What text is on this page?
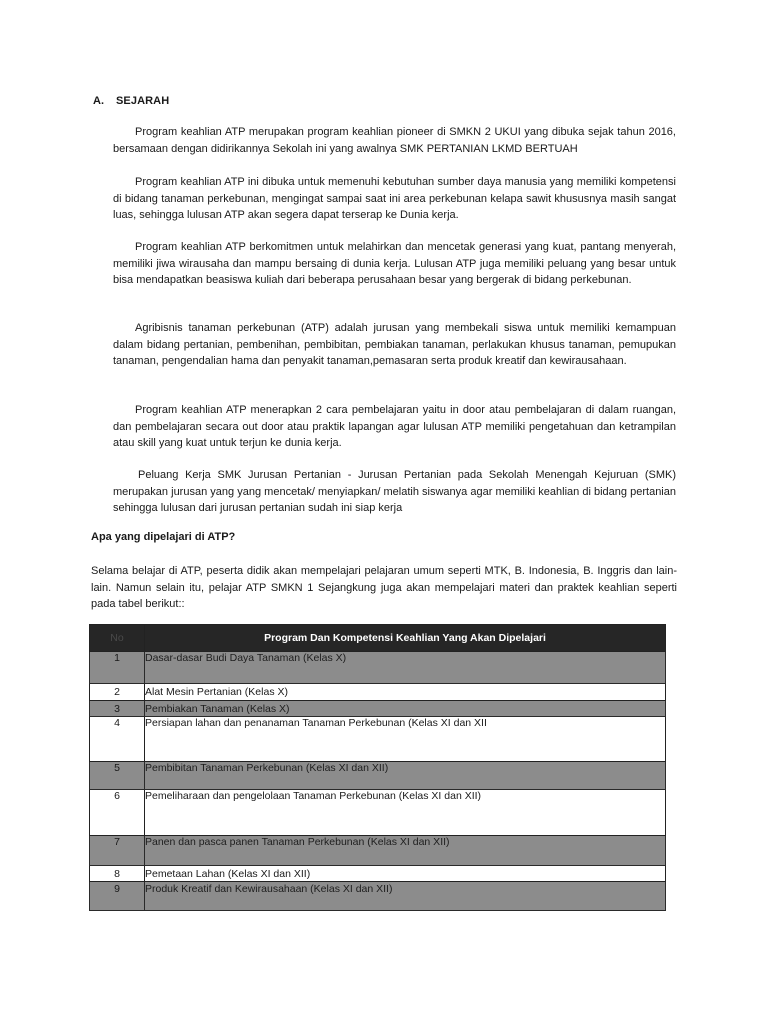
A. SEJARAH

Program keahlian ATP merupakan program keahlian pioneer di SMKN 2 UKUI yang dibuka sejak tahun 2016, bersamaan dengan didirikannya Sekolah ini yang awalnya SMK PERTANIAN LKMD BERTUAH

Program keahlian ATP ini dibuka untuk memenuhi kebutuhan sumber daya manusia yang memiliki kompetensi di bidang tanaman perkebunan, mengingat sampai saat ini area perkebunan kelapa sawit khususnya masih sangat luas, sehingga lulusan ATP akan segera dapat terserap ke Dunia kerja.

Program keahlian ATP berkomitmen untuk melahirkan dan mencetak generasi yang kuat, pantang menyerah, memiliki jiwa wirausaha dan mampu bersaing di dunia kerja. Lulusan ATP juga memiliki peluang yang besar untuk bisa mendapatkan beasiswa kuliah dari beberapa perusahaan besar yang bergerak di bidang perkebunan.

Agribisnis tanaman perkebunan (ATP) adalah jurusan yang membekali siswa untuk memiliki kemampuan dalam bidang pertanian, pembenihan, pembibitan, pembiakan tanaman, perlakukan khusus tanaman, pemupukan tanaman, pengendalian hama dan penyakit tanaman,pemasaran serta produk kreatif dan kewirausahaan.

Program keahlian ATP menerapkan 2 cara pembelajaran yaitu in door atau pembelajaran di dalam ruangan, dan pembelajaran secara out door atau praktik lapangan agar lulusan ATP memiliki pengetahuan dan ketrampilan atau skill yang kuat untuk terjun ke dunia kerja.

Peluang Kerja SMK Jurusan Pertanian - Jurusan Pertanian pada Sekolah Menengah Kejuruan (SMK) merupakan jurusan yang yang mencetak/ menyiapkan/ melatih siswanya agar memiliki keahlian di bidang pertanian sehingga lulusan dari jurusan pertanian sudah ini siap kerja

Apa yang dipelajari di ATP?

Selama belajar di ATP, peserta didik akan mempelajari pelajaran umum seperti MTK, B. Indonesia, B. Inggris dan lain-lain. Namun selain itu, pelajar ATP SMKN 1 Sejangkung juga akan mempelajari materi dan praktek keahlian seperti pada tabel berikut::

No	Program Dan Kompetensi Keahlian Yang Akan Dipelajari
1	Dasar-dasar Budi Daya Tanaman (Kelas X)
2	Alat Mesin Pertanian (Kelas X)
3	Pembiakan Tanaman (Kelas X)
4	Persiapan lahan dan penanaman Tanaman Perkebunan (Kelas XI dan XII
5	Pembibitan Tanaman Perkebunan (Kelas XI dan XII)
6	Pemeliharaan dan pengelolaan Tanaman Perkebunan (Kelas XI dan XII)
7	Panen dan pasca panen Tanaman Perkebunan (Kelas XI dan XII)
8	Pemetaan Lahan (Kelas XI dan XII)
9	Produk Kreatif dan Kewirausahaan (Kelas XI dan XII)
